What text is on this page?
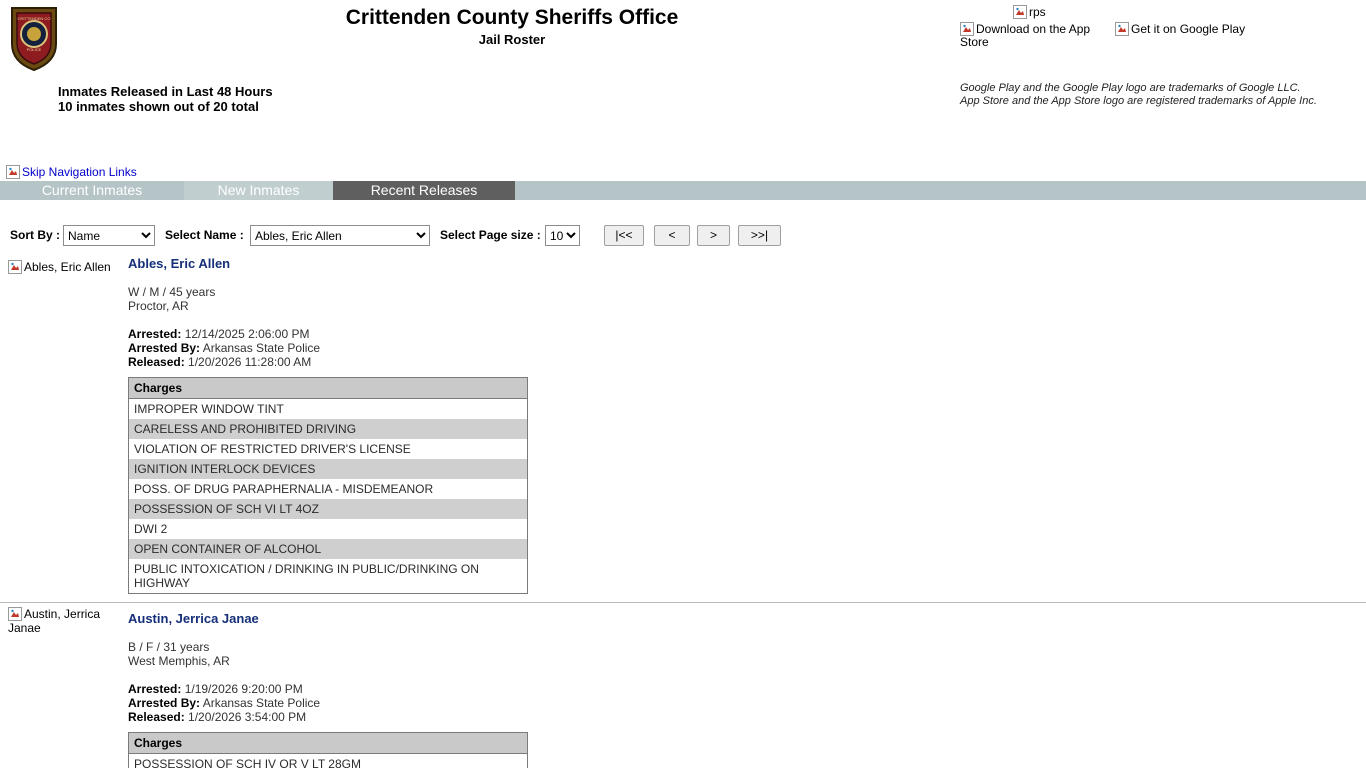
CRITTENDEN CO
POLICE
Crittenden County Sheriffs Office
Jail Roster
Inmates Released in Last 48 Hours
10 inmates shown out of 20 total
rps
Download on the App Store
Get it on Google Play
Google Play and the Google Play logo are trademarks of Google LLC.
App Store and the App Store logo are registered trademarks of Apple Inc.
Skip Navigation Links
Current Inmates	New Inmates	Recent Releases
Sort By :
Name	Select Name :
Ables, Eric Allen	Select Page size :
10	|<<	<	>	>>|
Ables, Eric Allen	Ables, Eric Allen
W / M / 45 years
Proctor, AR
Arrested: 12/14/2025 2:06:00 PM
Arrested By: Arkansas State Police
Released: 1/20/2026 11:28:00 AM
Charges
IMPROPER WINDOW TINT
CARELESS AND PROHIBITED DRIVING
VIOLATION OF RESTRICTED DRIVER'S LICENSE
IGNITION INTERLOCK DEVICES
POSS. OF DRUG PARAPHERNALIA - MISDEMEANOR
POSSESSION OF SCH VI LT 4OZ
DWI 2
OPEN CONTAINER OF ALCOHOL
PUBLIC INTOXICATION / DRINKING IN PUBLIC/DRINKING ON HIGHWAY
Austin, Jerrica Janae
Austin, Jerrica Janae
B / F / 31 years
West Memphis, AR
Arrested: 1/19/2026 9:20:00 PM
Arrested By: Arkansas State Police
Released: 1/20/2026 3:54:00 PM
Charges
POSSESSION OF SCH IV OR V LT 28GM
